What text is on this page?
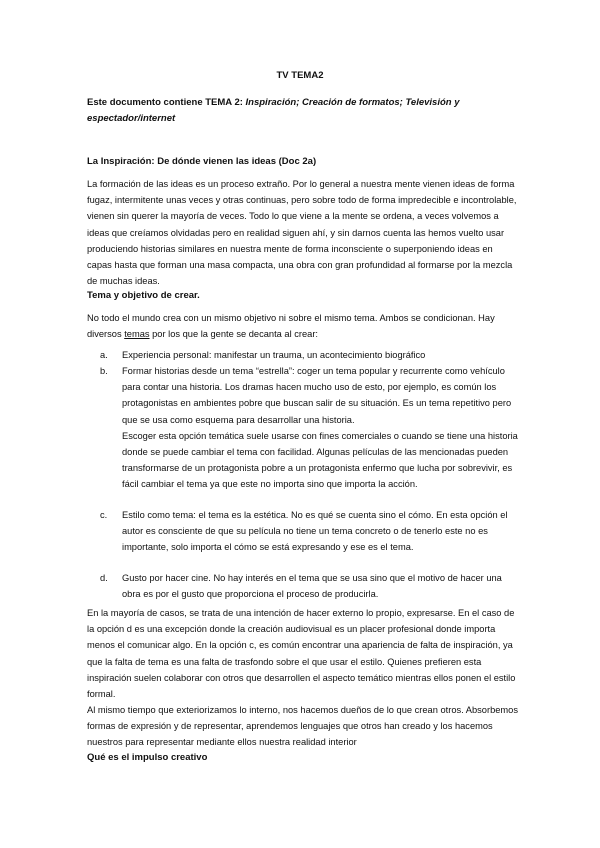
TV TEMA2
Este documento contiene TEMA 2: Inspiración; Creación de formatos; Televisión y espectador/internet
La Inspiración: De dónde vienen las ideas (Doc 2a)
La formación de las ideas es un proceso extraño. Por lo general a nuestra mente vienen ideas de forma fugaz, intermitente unas veces y otras continuas, pero sobre todo de forma impredecible e incontrolable, vienen sin querer la mayoría de veces. Todo lo que viene a la mente se ordena, a veces volvemos a ideas que creíamos olvidadas pero en realidad siguen ahí, y sin darnos cuenta las hemos vuelto usar produciendo historias similares en nuestra mente de forma inconsciente o superponiendo ideas en capas hasta que forman una masa compacta, una obra con gran profundidad al formarse por la mezcla de muchas ideas.
Tema y objetivo de crear.
No todo el mundo crea con un mismo objetivo ni sobre el mismo tema. Ambos se condicionan. Hay diversos temas por los que la gente se decanta al crear:
a. Experiencia personal: manifestar un trauma, un acontecimiento biográfico
b. Formar historias desde un tema “estrella”: coger un tema popular y recurrente como vehículo para contar una historia. Los dramas hacen mucho uso de esto, por ejemplo, es común los protagonistas en ambientes pobre que buscan salir de su situación. Es un tema repetitivo pero que se usa como esquema para desarrollar una historia.
Escoger esta opción temática suele usarse con fines comerciales o cuando se tiene una historia donde se puede cambiar el tema con facilidad. Algunas películas de las mencionadas pueden transformarse de un protagonista pobre a un protagonista enfermo que lucha por sobrevivir, es fácil cambiar el tema ya que este no importa sino que importa la acción.
c. Estilo como tema: el tema es la estética. No es qué se cuenta sino el cómo. En esta opción el autor es consciente de que su película no tiene un tema concreto o de tenerlo este no es importante, solo importa el cómo se está expresando y ese es el tema.
d. Gusto por hacer cine. No hay interés en el tema que se usa sino que el motivo de hacer una obra es por el gusto que proporciona el proceso de producirla.
En la mayoría de casos, se trata de una intención de hacer externo lo propio, expresarse. En el caso de la opción d es una excepción donde la creación audiovisual es un placer profesional donde importa menos el comunicar algo. En la opción c, es común encontrar una apariencia de falta de inspiración, ya que la falta de tema es una falta de trasfondo sobre el que usar el estilo. Quienes prefieren esta inspiración suelen colaborar con otros que desarrollen el aspecto temático mientras ellos ponen el estilo formal.
Al mismo tiempo que exteriorizamos lo interno, nos hacemos dueños de lo que crean otros. Absorbemos formas de expresión y de representar, aprendemos lenguajes que otros han creado y los hacemos nuestros para representar mediante ellos nuestra realidad interior
Qué es el impulso creativo
